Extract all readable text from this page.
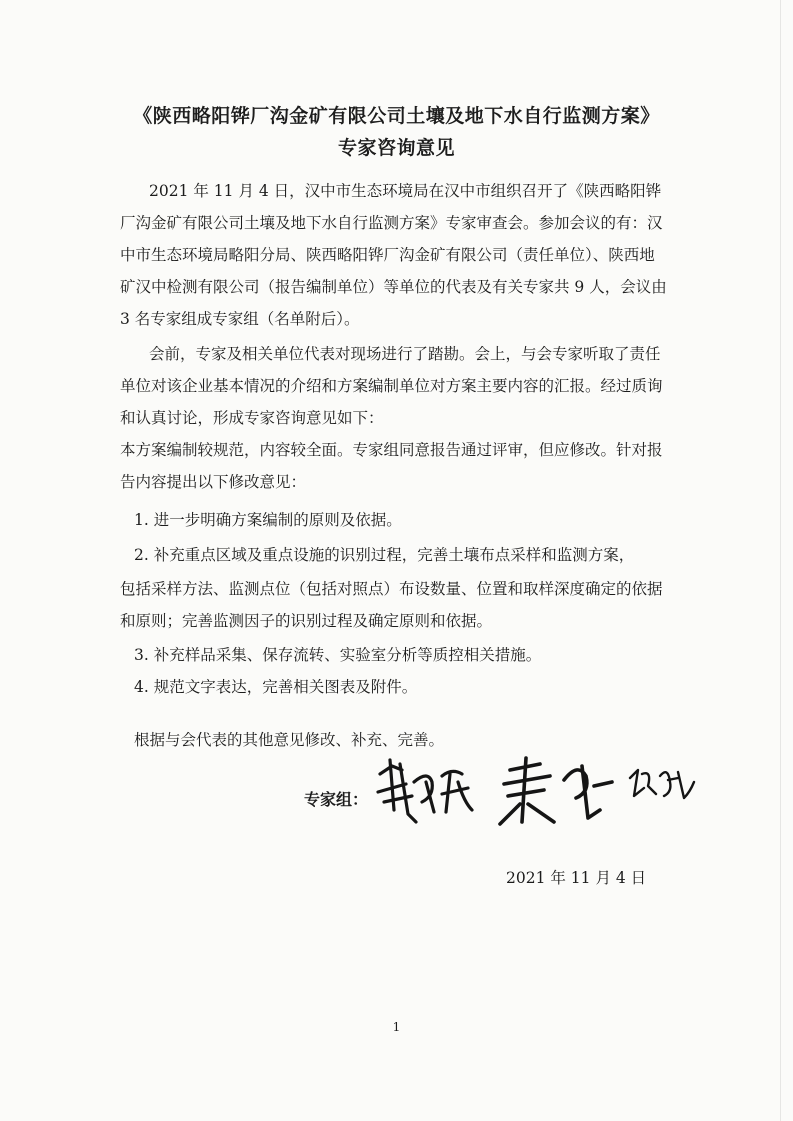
《陕西略阳铧厂沟金矿有限公司土壤及地下水自行监测方案》
专家咨询意见
2021 年 11 月 4 日，汉中市生态环境局在汉中市组织召开了《陕西略阳铧
厂沟金矿有限公司土壤及地下水自行监测方案》专家审查会。参加会议的有：汉
中市生态环境局略阳分局、陕西略阳铧厂沟金矿有限公司（责任单位）、陕西地
矿汉中检测有限公司（报告编制单位）等单位的代表及有关专家共 9 人，会议由
3 名专家组成专家组（名单附后）。
会前，专家及相关单位代表对现场进行了踏勘。会上，与会专家听取了责任
单位对该企业基本情况的介绍和方案编制单位对方案主要内容的汇报。经过质询
和认真讨论，形成专家咨询意见如下：
本方案编制较规范，内容较全面。专家组同意报告通过评审，但应修改。针对报
告内容提出以下修改意见：
1. 进一步明确方案编制的原则及依据。
2. 补充重点区域及重点设施的识别过程，完善土壤布点采样和监测方案，
包括采样方法、监测点位（包括对照点）布设数量、位置和取样深度确定的依据
和原则；完善监测因子的识别过程及确定原则和依据。
3. 补充样品采集、保存流转、实验室分析等质控相关措施。
4. 规范文字表达，完善相关图表及附件。
根据与会代表的其他意见修改、补充、完善。
专家组：
2021 年 11 月 4 日
1
